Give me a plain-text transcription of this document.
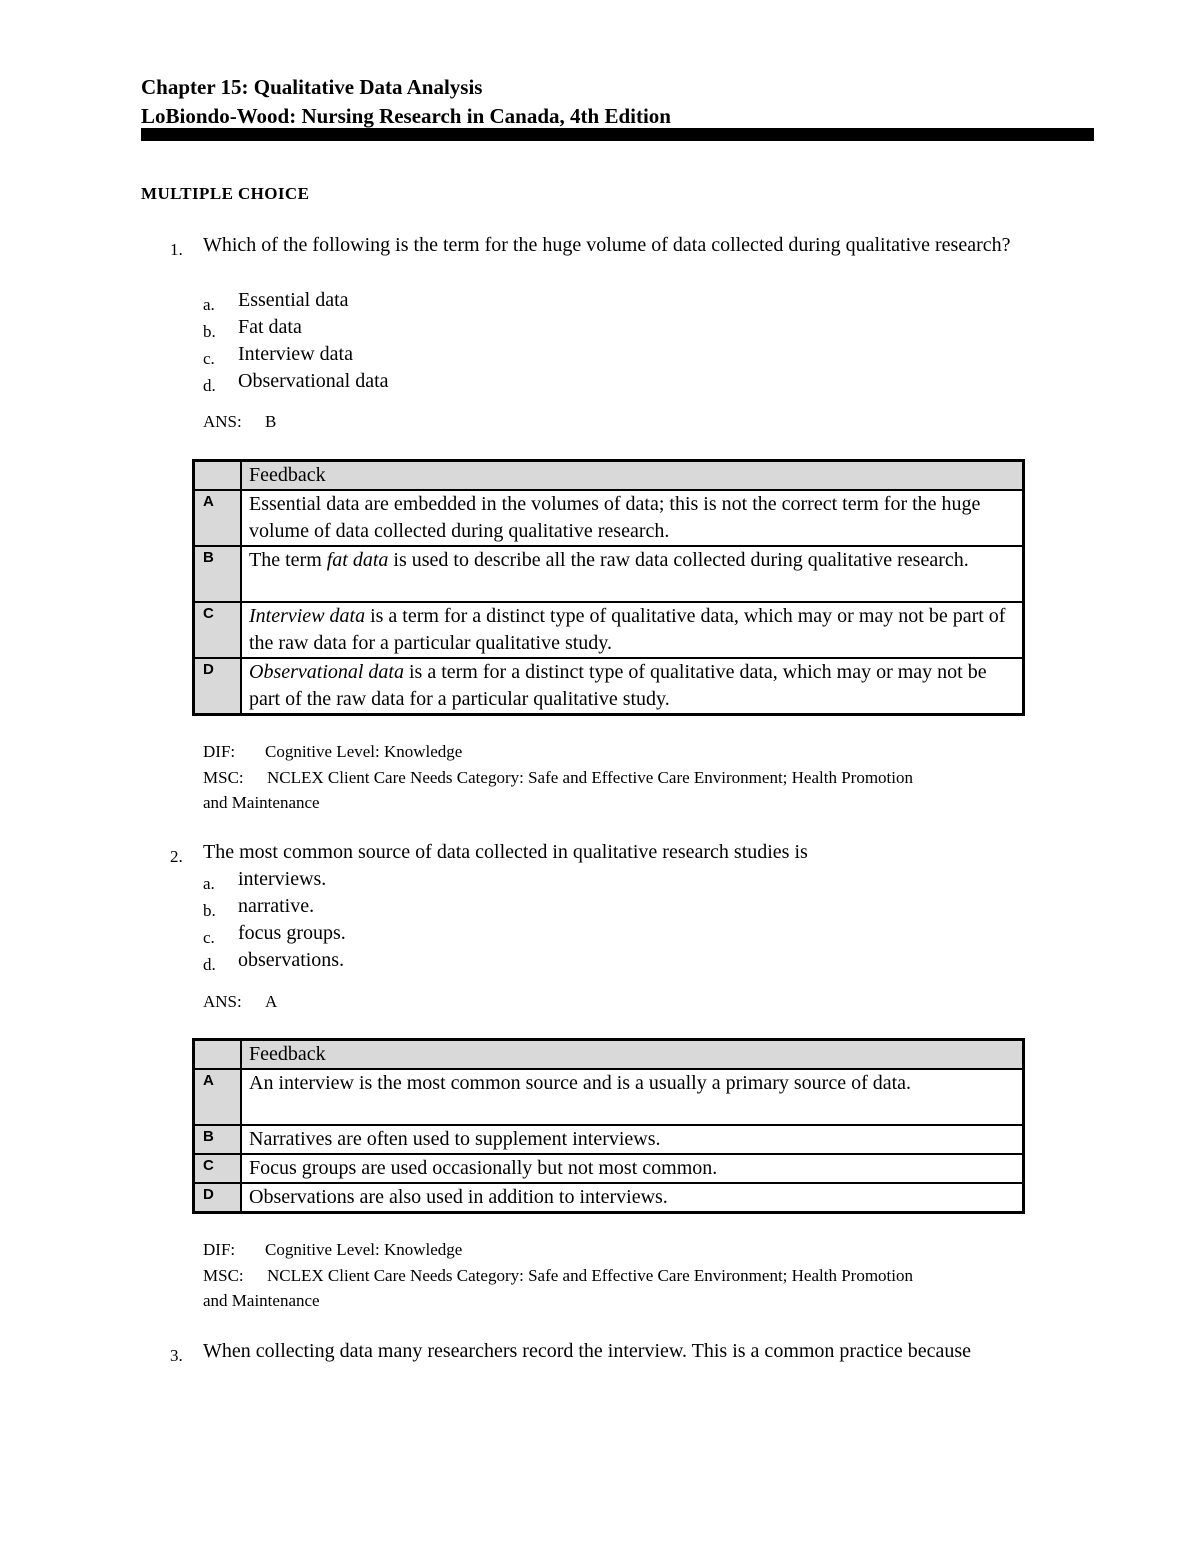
Chapter 15: Qualitative Data Analysis
LoBiondo-Wood: Nursing Research in Canada, 4th Edition
MULTIPLE CHOICE
1. Which of the following is the term for the huge volume of data collected during qualitative research?
a. Essential data
b. Fat data
c. Interview data
d. Observational data
ANS: B
	Feedback
A	Essential data are embedded in the volumes of data; this is not the correct term for the huge volume of data collected during qualitative research.
B	The term fat data is used to describe all the raw data collected during qualitative research.
C	Interview data is a term for a distinct type of qualitative data, which may or may not be part of the raw data for a particular qualitative study.
D	Observational data is a term for a distinct type of qualitative data, which may or may not be part of the raw data for a particular qualitative study.
DIF: Cognitive Level: Knowledge
MSC: NCLEX Client Care Needs Category: Safe and Effective Care Environment; Health Promotion
and Maintenance
2. The most common source of data collected in qualitative research studies is
a. interviews.
b. narrative.
c. focus groups.
d. observations.
ANS: A
	Feedback
A	An interview is the most common source and is a usually a primary source of data.
B	Narratives are often used to supplement interviews.
C	Focus groups are used occasionally but not most common.
D	Observations are also used in addition to interviews.
DIF: Cognitive Level: Knowledge
MSC: NCLEX Client Care Needs Category: Safe and Effective Care Environment; Health Promotion
and Maintenance
3. When collecting data many researchers record the interview. This is a common practice because
